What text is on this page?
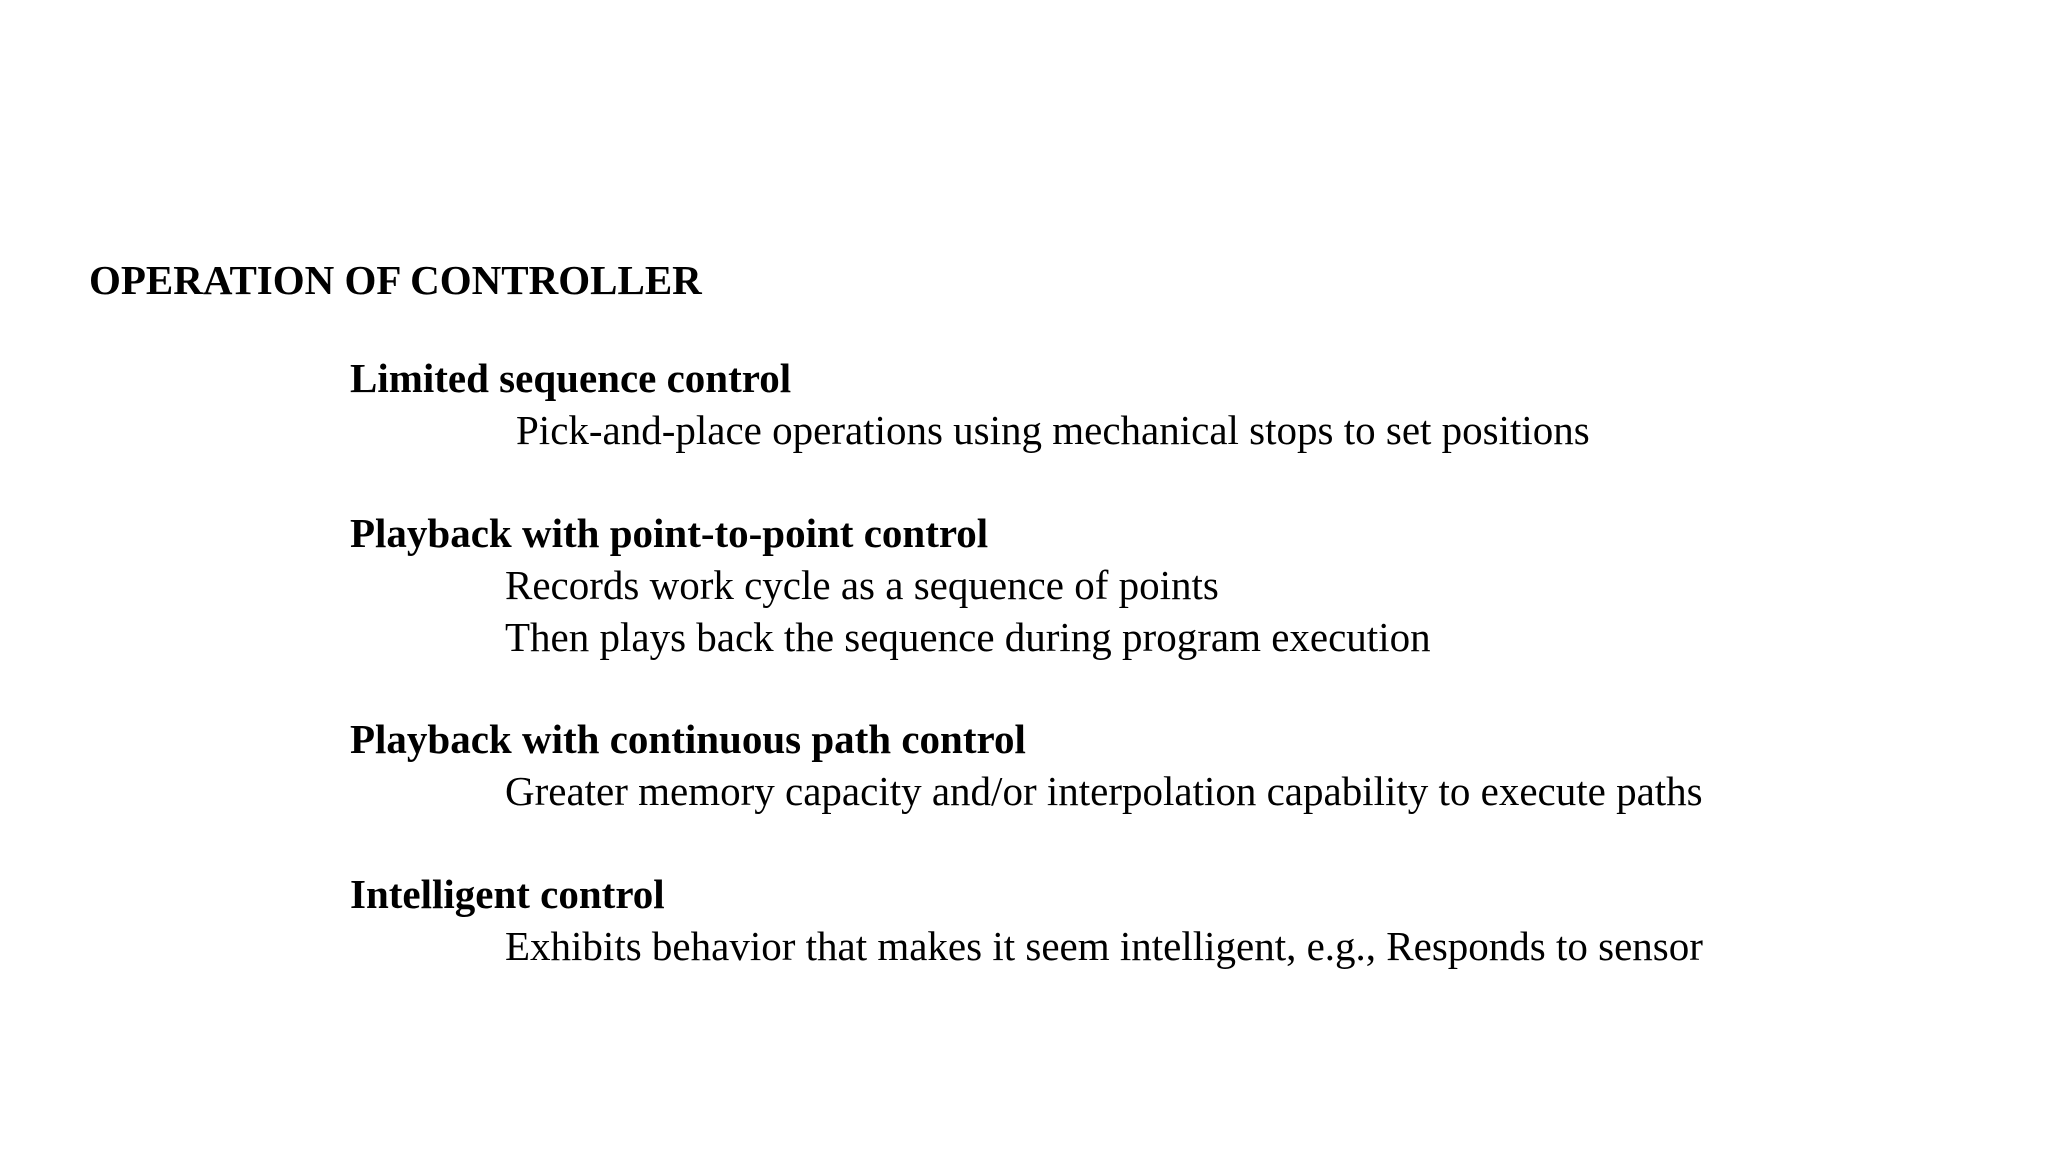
OPERATION OF CONTROLLER

Limited sequence control

Pick-and-place operations using mechanical stops to set positions

Playback with point-to-point control

Records work cycle as a sequence of points

Then plays back the sequence during program execution

Playback with continuous path control

Greater memory capacity and/or interpolation capability to execute paths

Intelligent control

Exhibits behavior that makes it seem intelligent, e.g., Responds to sensor
